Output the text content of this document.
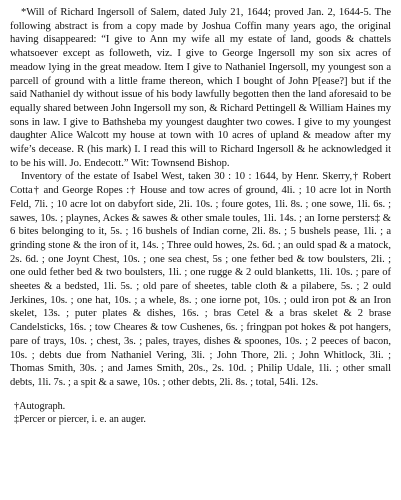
*Will of Richard Ingersoll of Salem, dated July 21, 1644; proved Jan. 2, 1644-5. The following abstract is from a copy made by Joshua Coffin many years ago, the original having disappeared: “I give to Ann my wife all my estate of land, goods & chattels whatsoever except as followeth, viz. I give to George Ingersoll my son six acres of meadow lying in the great meadow. Item I give to Nathaniel Ingersoll, my youngest son a parcell of ground with a little frame thereon, which I bought of John P[ease?] but if the said Nathaniel dy without issue of his body lawfully begotten then the land aforesaid to be equally shared between John Ingersoll my son, & Richard Pettingell & William Haines my sons in law. I give to Bathsheba my youngest daughter two cowes. I give to my youngest daughter Alice Walcott my house at town with 10 acres of upland & meadow after my wife’s decease. R (his mark) I. I read this will to Richard Ingersoll & he acknowledged it to be his will. Jo. Endecott.” Wit: Townsend Bishop.

Inventory of the estate of Isabel West, taken 30 : 10 : 1644, by Henr. Skerry,† Robert Cotta† and George Ropes :† House and tow acres of ground, 4li. ; 10 acre lot in North Feld, 7li. ; 10 acre lot on dabyfort side, 2li. 10s. ; foure gotes, 1li. 8s. ; one sowe, 1li. 6s. ; sawes, 10s. ; playnes, Ackes & sawes & other smale toules, 1li. 14s. ; an Iorne persters‡ & 6 bites belonging to it, 5s. ; 16 bushels of Indian corne, 2li. 8s. ; 5 bushels pease, 1li. ; a grinding stone & the iron of it, 14s. ; Three ould howes, 2s. 6d. ; an ould spad & a matock, 2s. 6d. ; one Joynt Chest, 10s. ; one sea chest, 5s ; one fether bed & tow boulsters, 2li. ; one ould fether bed & two boulsters, 1li. ; one rugge & 2 ould blanketts, 1li. 10s. ; pare of sheetes & a bedsted, 1li. 5s. ; old pare of sheetes, table cloth & a pilabere, 5s. ; 2 ould Jerkines, 10s. ; one hat, 10s. ; a whele, 8s. ; one iorne pot, 10s. ; ould iron pot & an Iron skelet, 13s. ; puter plates & dishes, 16s. ; bras Cetel & a bras skelet & 2 brase Candelsticks, 16s. ; tow Cheares & tow Cushenes, 6s. ; fringpan pot hokes & pot hangers, pare of trays, 10s. ; chest, 3s. ; pales, trayes, dishes & spoones, 10s. ; 2 peeces of bacon, 10s. ; debts due from Nathaniel Vering, 3li. ; John Thore, 2li. ; John Whitlock, 3li. ; Thomas Smith, 30s. ; and James Smith, 20s., 2s. 10d. ; Philip Udale, 1li. ; other small debts, 1li. 7s. ; a spit & a sawe, 10s. ; other debts, 2li. 8s. ; total, 54li. 12s.

†Autograph.

‡Percer or piercer, i. e. an auger.
